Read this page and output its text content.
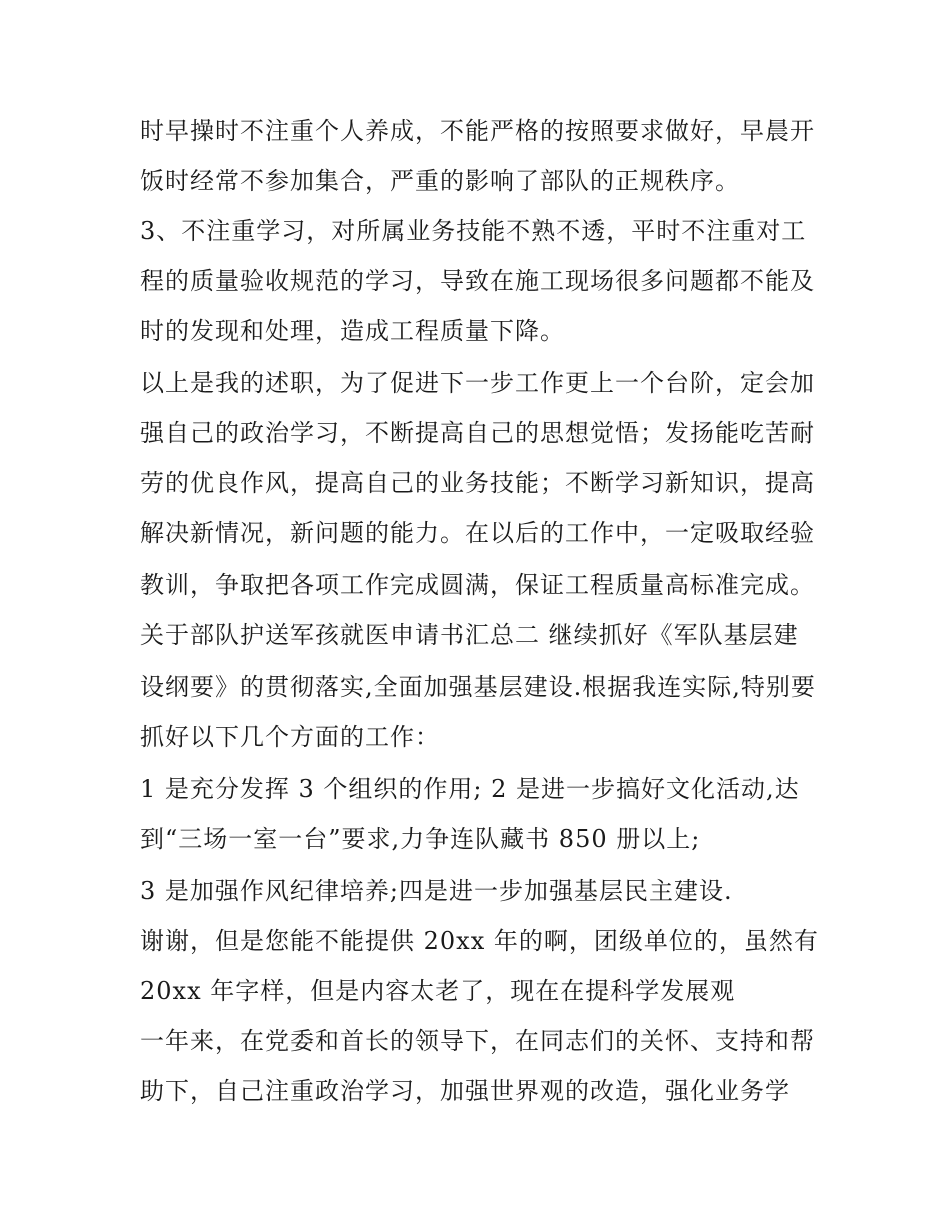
时早操时不注重个人养成，不能严格的按照要求做好，早晨开
饭时经常不参加集合，严重的影响了部队的正规秩序。
3、不注重学习，对所属业务技能不熟不透，平时不注重对工
程的质量验收规范的学习，导致在施工现场很多问题都不能及
时的发现和处理，造成工程质量下降。
以上是我的述职，为了促进下一步工作更上一个台阶，定会加
强自己的政治学习，不断提高自己的思想觉悟；发扬能吃苦耐
劳的优良作风，提高自己的业务技能；不断学习新知识，提高
解决新情况，新问题的能力。在以后的工作中，一定吸取经验
教训，争取把各项工作完成圆满，保证工程质量高标准完成。
关于部队护送军孩就医申请书汇总二 继续抓好《军队基层建
设纲要》的贯彻落实,全面加强基层建设.根据我连实际,特别要
抓好以下几个方面的工作：
1 是充分发挥 3 个组织的作用; 2 是进一步搞好文化活动,达
到“三场一室一台”要求,力争连队藏书 850 册以上;
3 是加强作风纪律培养;四是进一步加强基层民主建设.
谢谢，但是您能不能提供 20xx 年的啊，团级单位的，虽然有
20xx 年字样，但是内容太老了，现在在提科学发展观
一年来，在党委和首长的领导下，在同志们的关怀、支持和帮
助下，自己注重政治学习，加强世界观的改造，强化业务学
